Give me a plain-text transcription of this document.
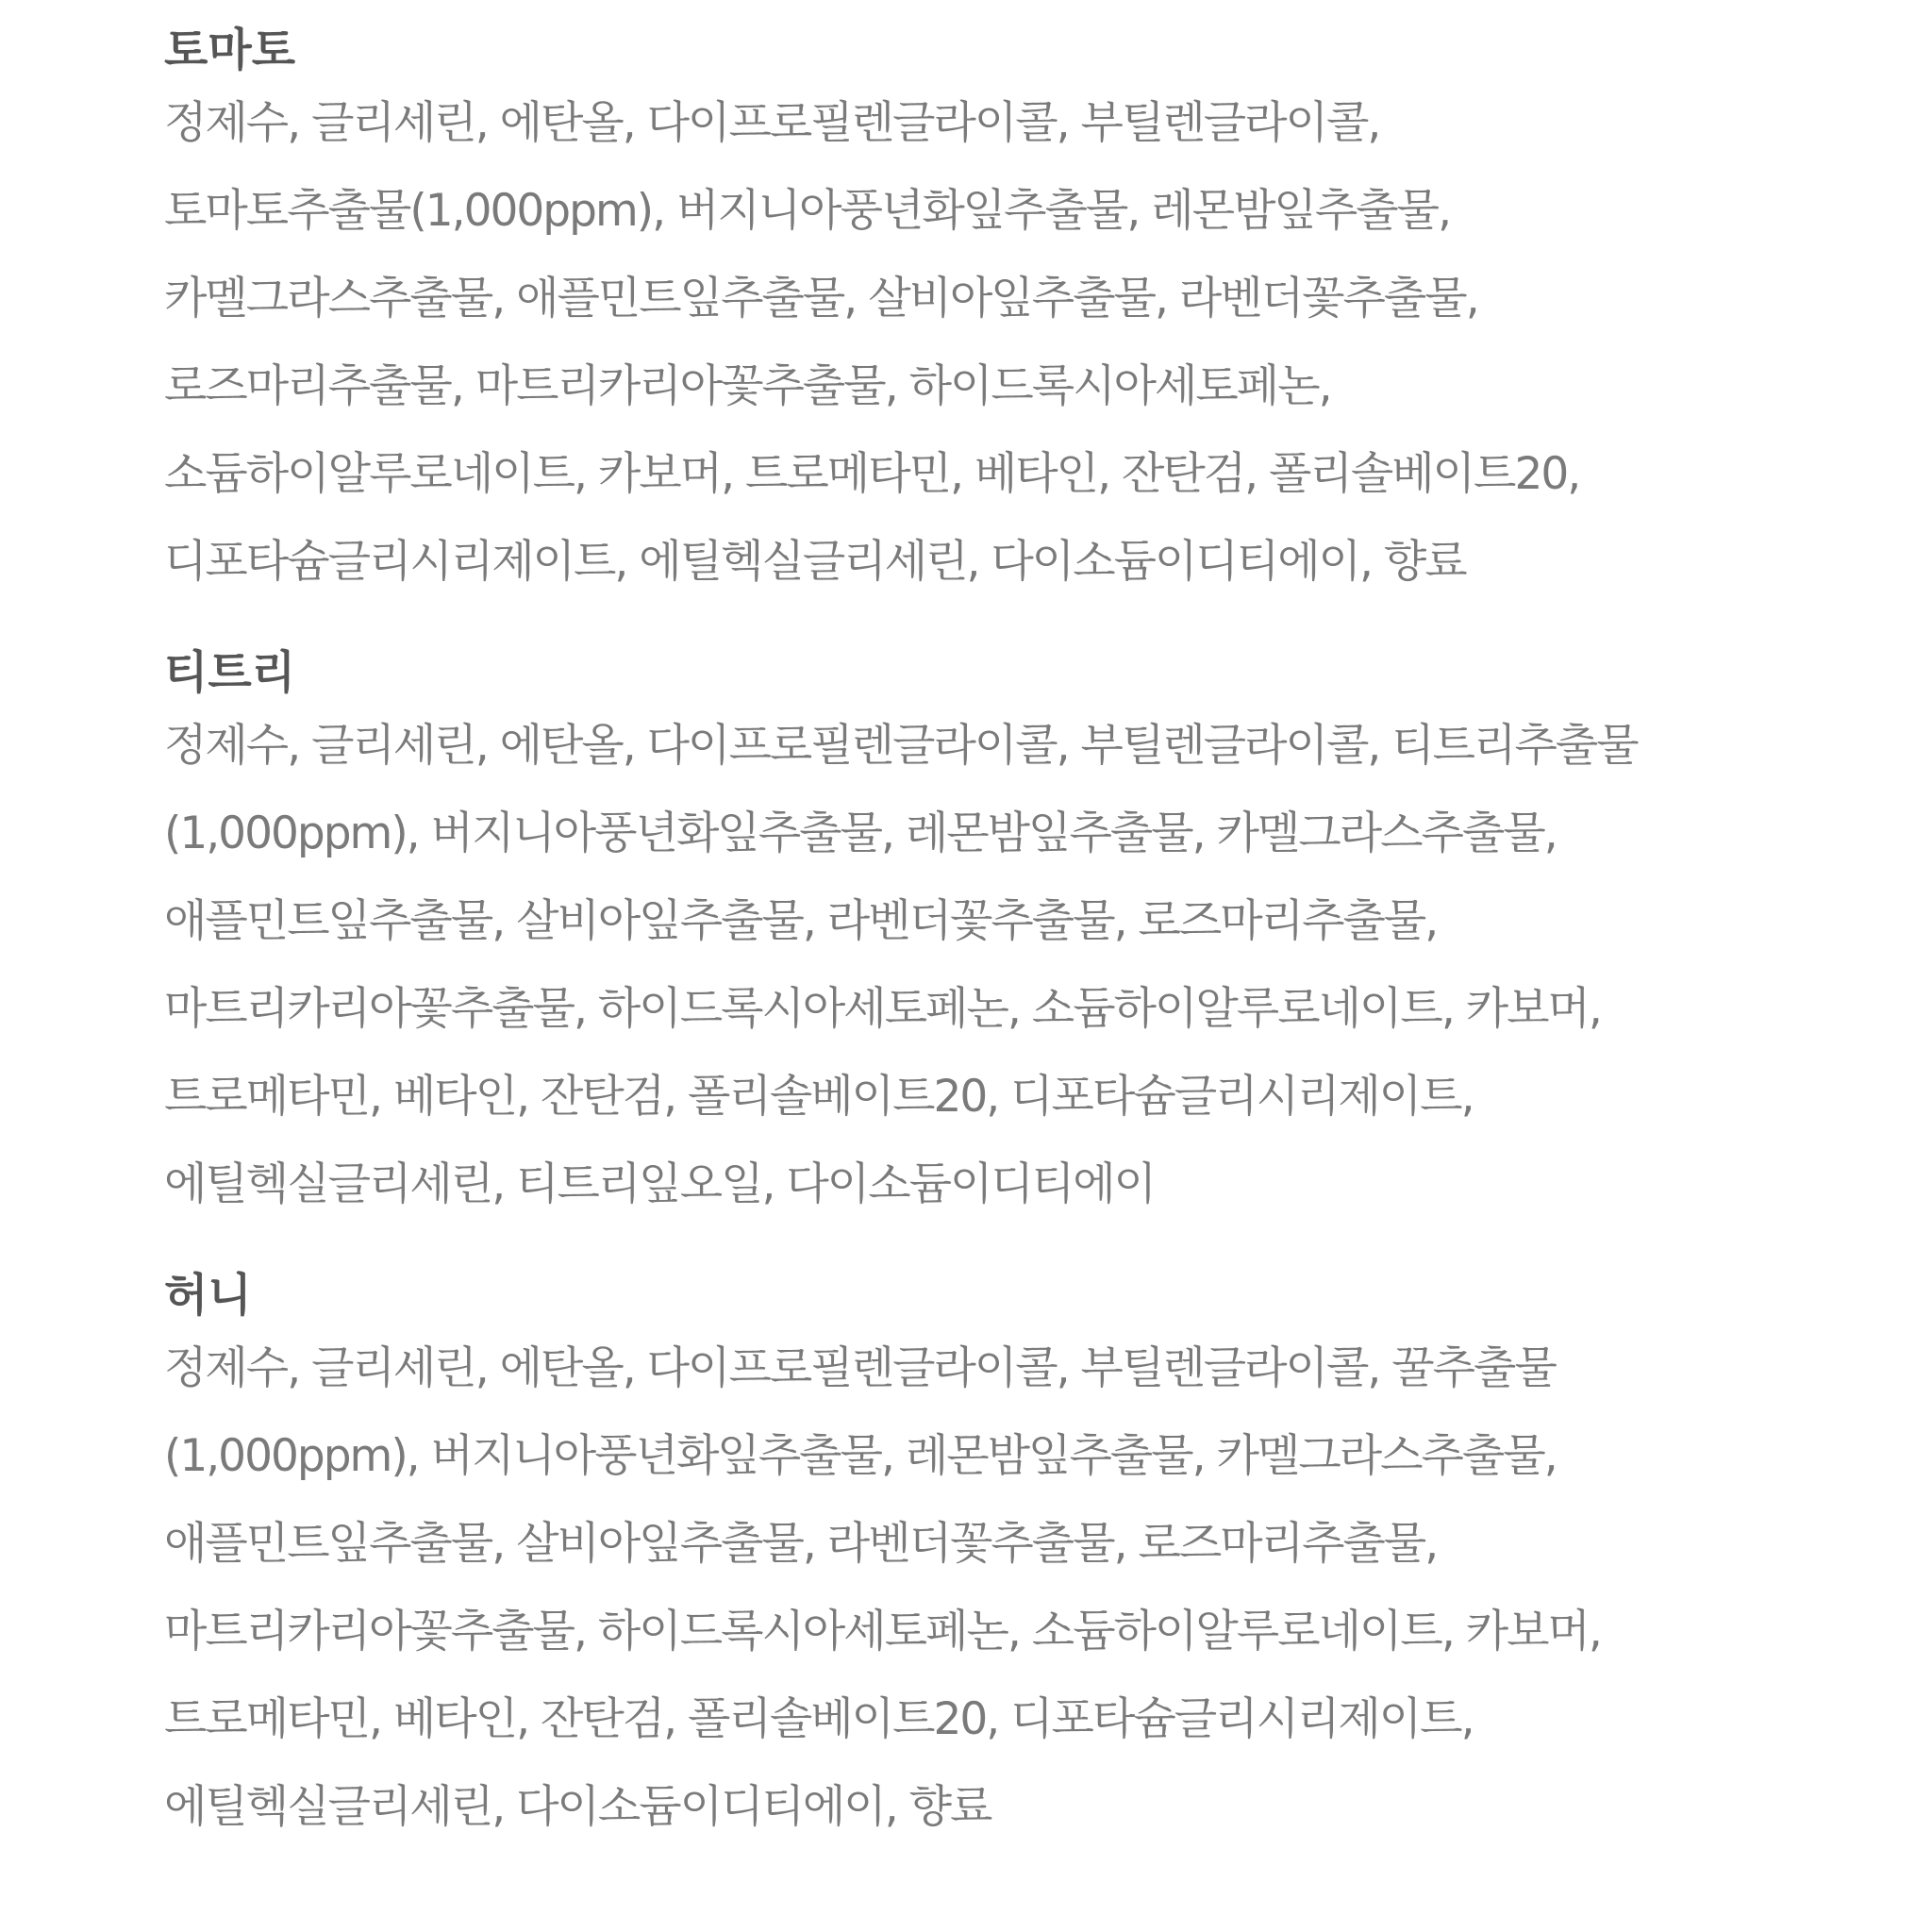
토마토

정제수, 글리세린, 에탄올, 다이프로필렌글라이콜, 부틸렌글라이콜,

토마토추출물(1,000ppm), 버지니아풍년화잎추출물, 레몬밤잎추출물,

카멜그라스추출물, 애플민트잎추출물, 살비아잎추출물, 라벤더꽃추출물,

로즈마리추출물, 마트리카리아꽃추출물, 하이드록시아세토페논,

소듐하이알루로네이트, 카보머, 트로메타민, 베타인, 잔탄검, 폴리솔베이트20,

디포타슘글리시리제이트, 에틸헥실글리세린, 다이소듐이디티에이, 향료

티트리

정제수, 글리세린, 에탄올, 다이프로필렌글라이콜, 부틸렌글라이콜, 티트리추출물

(1,000ppm), 버지니아풍년화잎추출물, 레몬밤잎추출물, 카멜그라스추출물,

애플민트잎추출물, 살비아잎추출물, 라벤더꽃추출물, 로즈마리추출물,

마트리카리아꽃추출물, 하이드록시아세토페논, 소듐하이알루로네이트, 카보머,

트로메타민, 베타인, 잔탄검, 폴리솔베이트20, 디포타슘글리시리제이트,

에틸헥실글리세린, 티트리잎오일, 다이소듐이디티에이

허니

정제수, 글리세린, 에탄올, 다이프로필렌글라이콜, 부틸렌글라이콜, 꿀추출물

(1,000ppm), 버지니아풍년화잎추출물, 레몬밤잎추출물, 카멜그라스추출물,

애플민트잎추출물, 살비아잎추출물, 라벤더꽃추출물, 로즈마리추출물,

마트리카리아꽃추출물, 하이드록시아세토페논, 소듐하이알루로네이트, 카보머,

트로메타민, 베타인, 잔탄검, 폴리솔베이트20, 디포타슘글리시리제이트,

에틸헥실글리세린, 다이소듐이디티에이, 향료
